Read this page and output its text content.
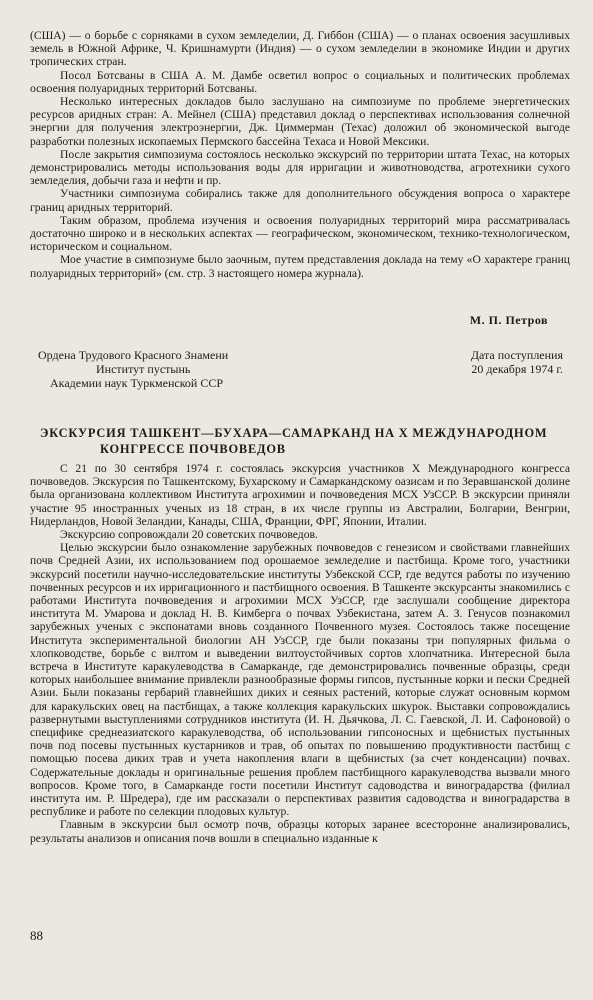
(США) — о борьбе с сорняками в сухом земледелии, Д. Гиббон (США) — о планах освоения засушливых земель в Южной Африке, Ч. Кришнамурти (Индия) — о сухом земледелии в экономике Индии и других тропических стран.

Посол Ботсваны в США А. М. Дамбе осветил вопрос о социальных и политических проблемах освоения полуаридных территорий Ботсваны.

Несколько интересных докладов было заслушано на симпозиуме по проблеме энергетических ресурсов аридных стран: А. Мейнел (США) представил доклад о перспективах использования солнечной энергии для получения электроэнергии, Дж. Циммерман (Техас) доложил об экономической выгоде разработки полезных ископаемых Пермского бассейна Техаса и Новой Мексики.

После закрытия симпозиума состоялось несколько экскурсий по территории штата Техас, на которых демонстрировались методы использования воды для ирригации и животноводства, агротехники сухого земледелия, добычи газа и нефти и пр.

Участники симпозиума собирались также для дополнительного обсуждения вопроса о характере границ аридных территорий.

Таким образом, проблема изучения и освоения полуаридных территорий мира рассматривалась достаточно широко и в нескольких аспектах — географическом, экономическом, технико-технологическом, историческом и социальном.

Мое участие в симпозиуме было заочным, путем представления доклада на тему «О характере границ полуаридных территорий» (см. стр. 3 настоящего номера журнала).

М. П. Петров
Ордена Трудового Красного Знамени
Институт пустынь
Академии наук Туркменской ССР
Дата поступления
20 декабря 1974 г.
ЭКСКУРСИЯ ТАШКЕНТ—БУХАРА—САМАРКАНД НА X МЕЖДУНАРОДНОМ
КОНГРЕССЕ ПОЧВОВЕДОВ

С 21 по 30 сентября 1974 г. состоялась экскурсия участников X Международного конгресса почвоведов. Экскурсия по Ташкентскому, Бухарскому и Самаркандскому оазисам и по Зеравшанской долине была организована коллективом Института агрохимии и почвоведения МСХ УзССР. В экскурсии приняли участие 95 иностранных ученых из 18 стран, в их числе группы из Австралии, Болгарии, Венгрии, Нидерландов, Новой Зеландии, Канады, США, Франции, ФРГ, Японии, Италии.

Экскурсию сопровождали 20 советских почвоведов.

Целью экскурсии было ознакомление зарубежных почвоведов с генезисом и свойствами главнейших почв Средней Азии, их использованием под орошаемое земледелие и пастбища. Кроме того, участники экскурсий посетили научно-исследовательские институты Узбекской ССР, где ведутся работы по изучению почвенных ресурсов и их ирригационного и пастбищного освоения. В Ташкенте экскурсанты знакомились с работами Института почвоведения и агрохимии МСХ УзССР, где заслушали сообщение директора института М. Умарова и доклад Н. В. Кимберга о почвах Узбекистана, затем А. З. Генусов познакомил зарубежных ученых с экспонатами вновь созданного Почвенного музея. Состоялось также посещение Института экспериментальной биологии АН УзССР, где были показаны три популярных фильма о хлопководстве, борьбе с вилтом и выведении вилтоустойчивых сортов хлопчатника. Интересной была встреча в Институте каракулеводства в Самарканде, где демонстрировались почвенные образцы, среди которых наибольшее внимание привлекли разнообразные формы гипсов, пустынные корки и пески Средней Азии. Были показаны гербарий главнейших диких и сеяных растений, которые служат основным кормом для каракульских овец на пастбищах, а также коллекция каракульских шкурок. Выставки сопровождались развернутыми выступлениями сотрудников института (И. Н. Дьячкова, Л. С. Гаевской, Л. И. Сафоновой) о специфике среднеазиатского каракулеводства, об использовании гипсоносных и щебнистых пустынных почв под посевы пустынных кустарников и трав, об опытах по повышению продуктивности пастбищ с помощью посева диких трав и учета накопления влаги в щебнистых (за счет конденсации) почвах. Содержательные доклады и оригинальные решения проблем пастбищного каракулеводства вызвали много вопросов. Кроме того, в Самарканде гости посетили Институт садоводства и виноградарства (филиал института им. Р. Шредера), где им рассказали о перспективах развития садоводства и виноградарства в республике и работе по селекции плодовых культур.

Главным в экскурсии был осмотр почв, образцы которых заранее всесторонне анализировались, результаты анализов и описания почв вошли в специально изданные к

88
